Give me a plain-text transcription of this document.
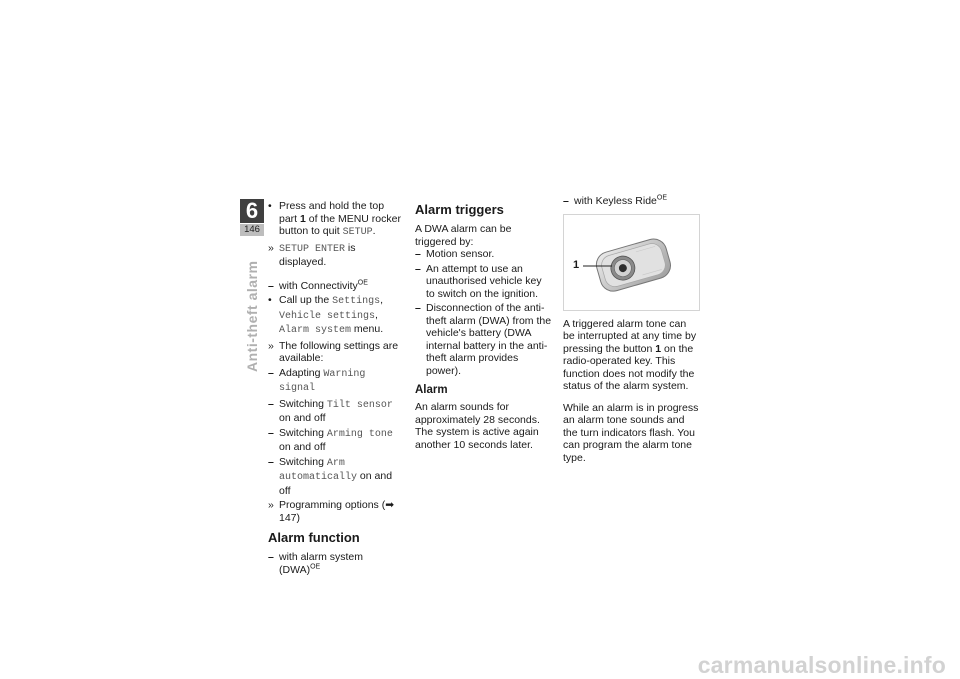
6
146
Anti-theft alarm
• Press and hold the top part 1 of the MENU rocker button to quit SETUP.
» SETUP ENTER is displayed.
– with Connectivity$^{OE}$
• Call up the Settings, Vehicle settings, Alarm system menu.
» The following settings are available:
– Adapting Warning signal
– Switching Tilt sensor on and off
– Switching Arming tone on and off
– Switching Arm automatically on and off
» Programming options (➡ 147)
Alarm function
– with alarm system (DWA)$^{OE}$
Alarm triggers
A DWA alarm can be triggered by:
– Motion sensor.
– An attempt to use an unauthorised vehicle key to switch on the ignition.
– Disconnection of the anti-theft alarm (DWA) from the vehicle's battery (DWA internal battery in the anti-theft alarm provides power).
Alarm
An alarm sounds for approximately 28 seconds. The system is active again another 10 seconds later.
– with Keyless Ride$^{OE}$
1
A triggered alarm tone can be interrupted at any time by pressing the button 1 on the radio-operated key. This function does not modify the status of the alarm system.
While an alarm is in progress an alarm tone sounds and the turn indicators flash. You can program the alarm tone type.
carmanualsonline.info
